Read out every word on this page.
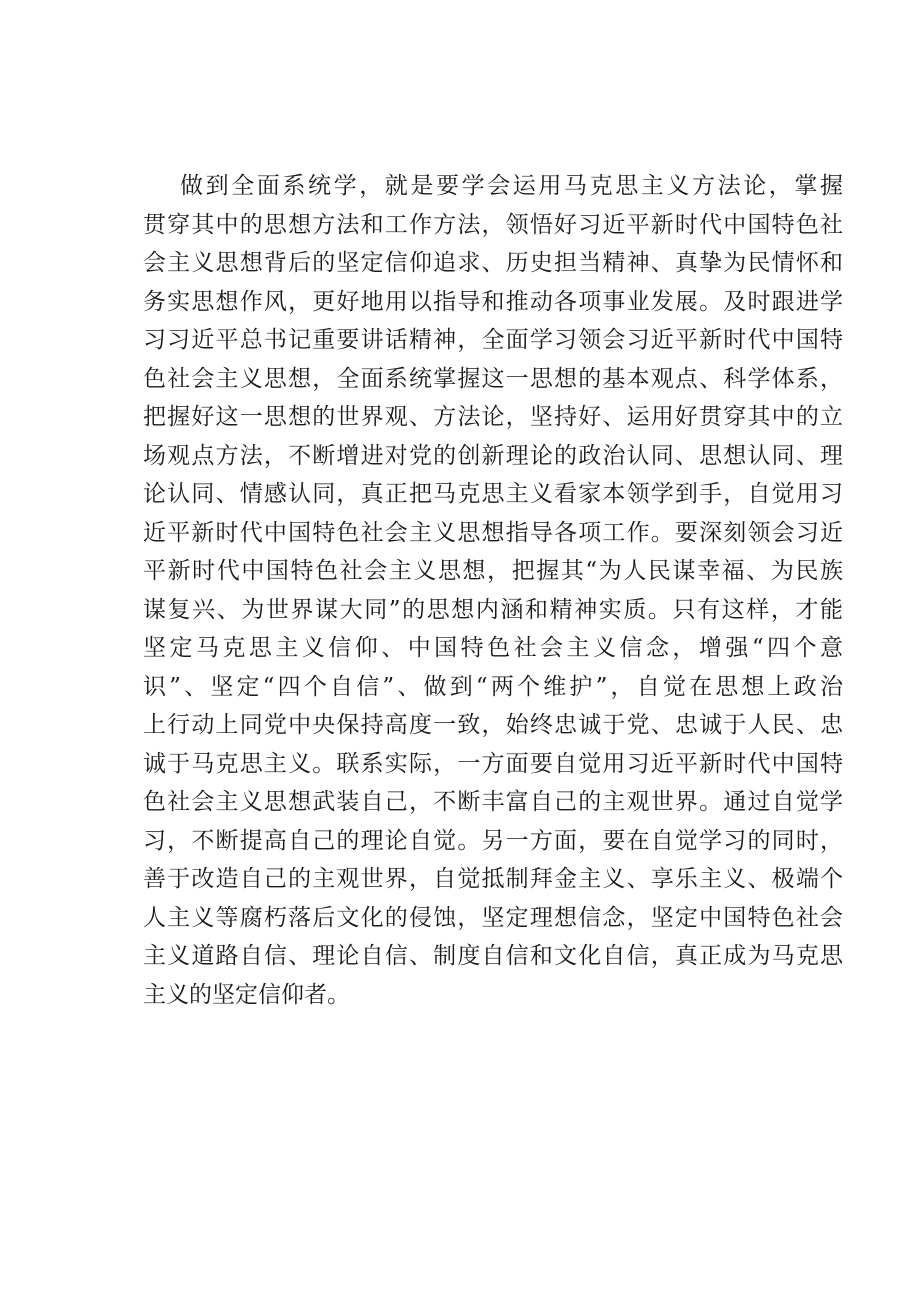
做到全面系统学，就是要学会运用马克思主义方法论，掌握
贯穿其中的思想方法和工作方法，领悟好习近平新时代中国特色社
会主义思想背后的坚定信仰追求、历史担当精神、真挚为民情怀和
务实思想作风，更好地用以指导和推动各项事业发展。及时跟进学
习习近平总书记重要讲话精神，全面学习领会习近平新时代中国特
色社会主义思想，全面系统掌握这一思想的基本观点、科学体系，
把握好这一思想的世界观、方法论，坚持好、运用好贯穿其中的立
场观点方法，不断增进对党的创新理论的政治认同、思想认同、理
论认同、情感认同，真正把马克思主义看家本领学到手，自觉用习
近平新时代中国特色社会主义思想指导各项工作。要深刻领会习近
平新时代中国特色社会主义思想，把握其“为人民谋幸福、为民族
谋复兴、为世界谋大同”的思想内涵和精神实质。只有这样，才能
坚定马克思主义信仰、中国特色社会主义信念，增强“四个意
识”、坚定“四个自信”、做到“两个维护”，自觉在思想上政治
上行动上同党中央保持高度一致，始终忠诚于党、忠诚于人民、忠
诚于马克思主义。联系实际，一方面要自觉用习近平新时代中国特
色社会主义思想武装自己，不断丰富自己的主观世界。通过自觉学
习，不断提高自己的理论自觉。另一方面，要在自觉学习的同时，
善于改造自己的主观世界，自觉抵制拜金主义、享乐主义、极端个
人主义等腐朽落后文化的侵蚀，坚定理想信念，坚定中国特色社会
主义道路自信、理论自信、制度自信和文化自信，真正成为马克思
主义的坚定信仰者。
